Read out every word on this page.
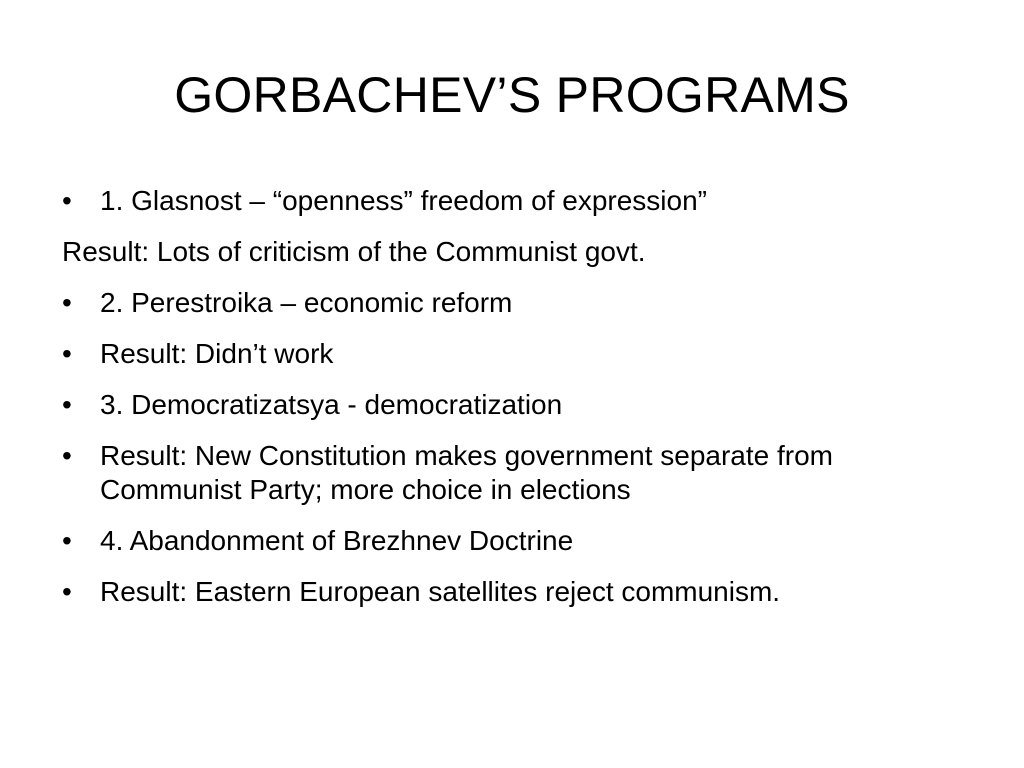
GORBACHEV’S PROGRAMS
•	1. Glasnost – “openness” freedom of expression”
Result: Lots of criticism of the Communist govt.
•	2. Perestroika – economic reform
•	Result: Didn’t work
•	3. Democratizatsya - democratization
•	Result: New Constitution makes government separate from Communist Party; more choice in elections
•	4. Abandonment of Brezhnev Doctrine
•	Result: Eastern European satellites reject communism.
